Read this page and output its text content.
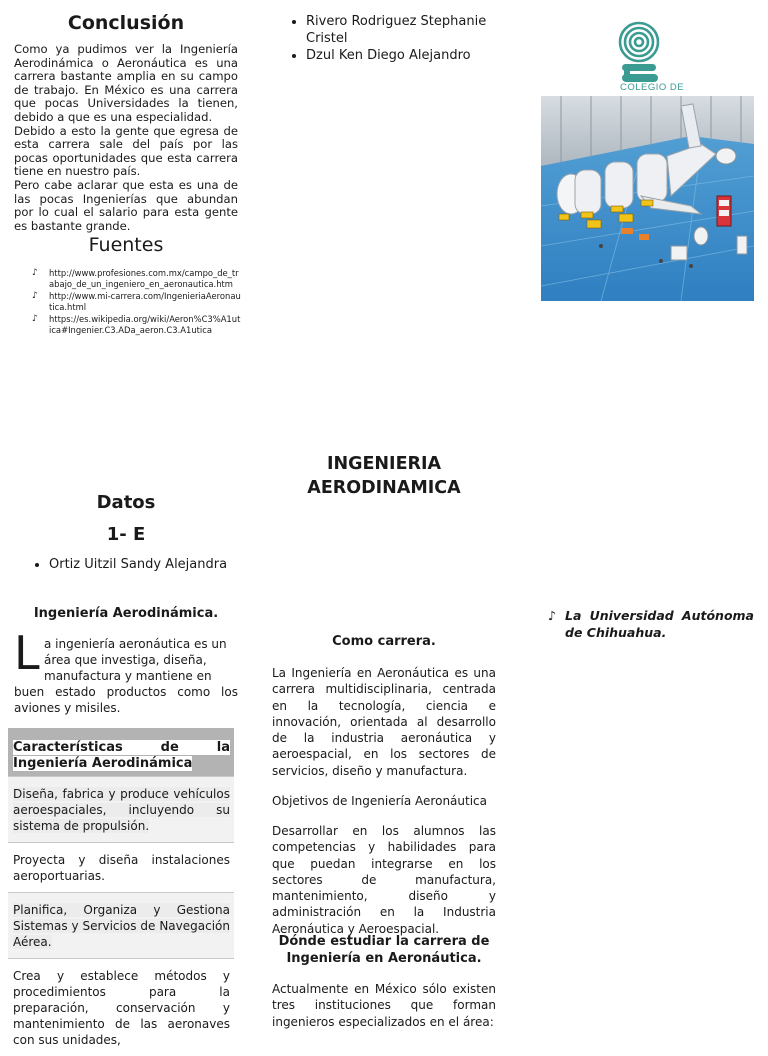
Conclusión

Como ya pudimos ver la Ingeniería Aerodinámica o Aeronáutica es una carrera bastante amplia en su campo de trabajo. En México es una carrera que pocas Universidades la tienen, debido a que es una especialidad.

Debido a esto la gente que egresa de esta carrera sale del país por las pocas oportunidades que esta carrera tiene en nuestro país.

Pero cabe aclarar que esta es una de las pocas Ingenierías que abundan por lo cual el salario para esta gente es bastante grande.

Fuentes
♪ http://www.profesiones.com.mx/campo_de_trabajo_de_un_ingeniero_en_aeronautica.htm
♪ http://www.mi-carrera.com/IngenieriaAeronautica.html
♪ https://es.wikipedia.org/wiki/Aeron%C3%A1utica#Ingenier.C3.ADa_aeron.C3.A1utica
• Rivero Rodriguez Stephanie Cristel
• Dzul Ken Diego Alejandro
COLEGIO DE
INGENIERIA
AERODINAMICA
Datos
1- E
• Ortiz Uitzil Sandy Alejandra
Ingeniería Aerodinámica.
L a ingeniería aeronáutica es un
área que investiga, diseña,
manufactura y mantiene en
buen estado productos como los aviones y misiles.
Características de la Ingeniería Aerodinámica
Diseña, fabrica y produce vehículos aeroespaciales, incluyendo su sistema de propulsión.
Proyecta y diseña instalaciones aeroportuarias.
Planifica, Organiza y Gestiona Sistemas y Servicios de Navegación Aérea.
Crea y establece métodos y procedimientos para la preparación, conservación y mantenimiento de las aeronaves con sus unidades,
Como carrera.

La Ingeniería en Aeronáutica es una carrera multidisciplinaria, centrada en la tecnología, ciencia e innovación, orientada al desarrollo de la industria aeronáutica y aeroespacial, en los sectores de servicios, diseño y manufactura.

Objetivos de Ingeniería Aeronáutica

Desarrollar en los alumnos las competencias y habilidades para que puedan integrarse en los sectores de manufactura, mantenimiento, diseño y administración en la Industria Aeronáutica y Aeroespacial.

Dónde estudiar la carrera de Ingeniería en Aeronáutica.

Actualmente en México sólo existen tres instituciones que forman ingenieros especializados en el área:

♪ La Universidad Autónoma de Chihuahua.
